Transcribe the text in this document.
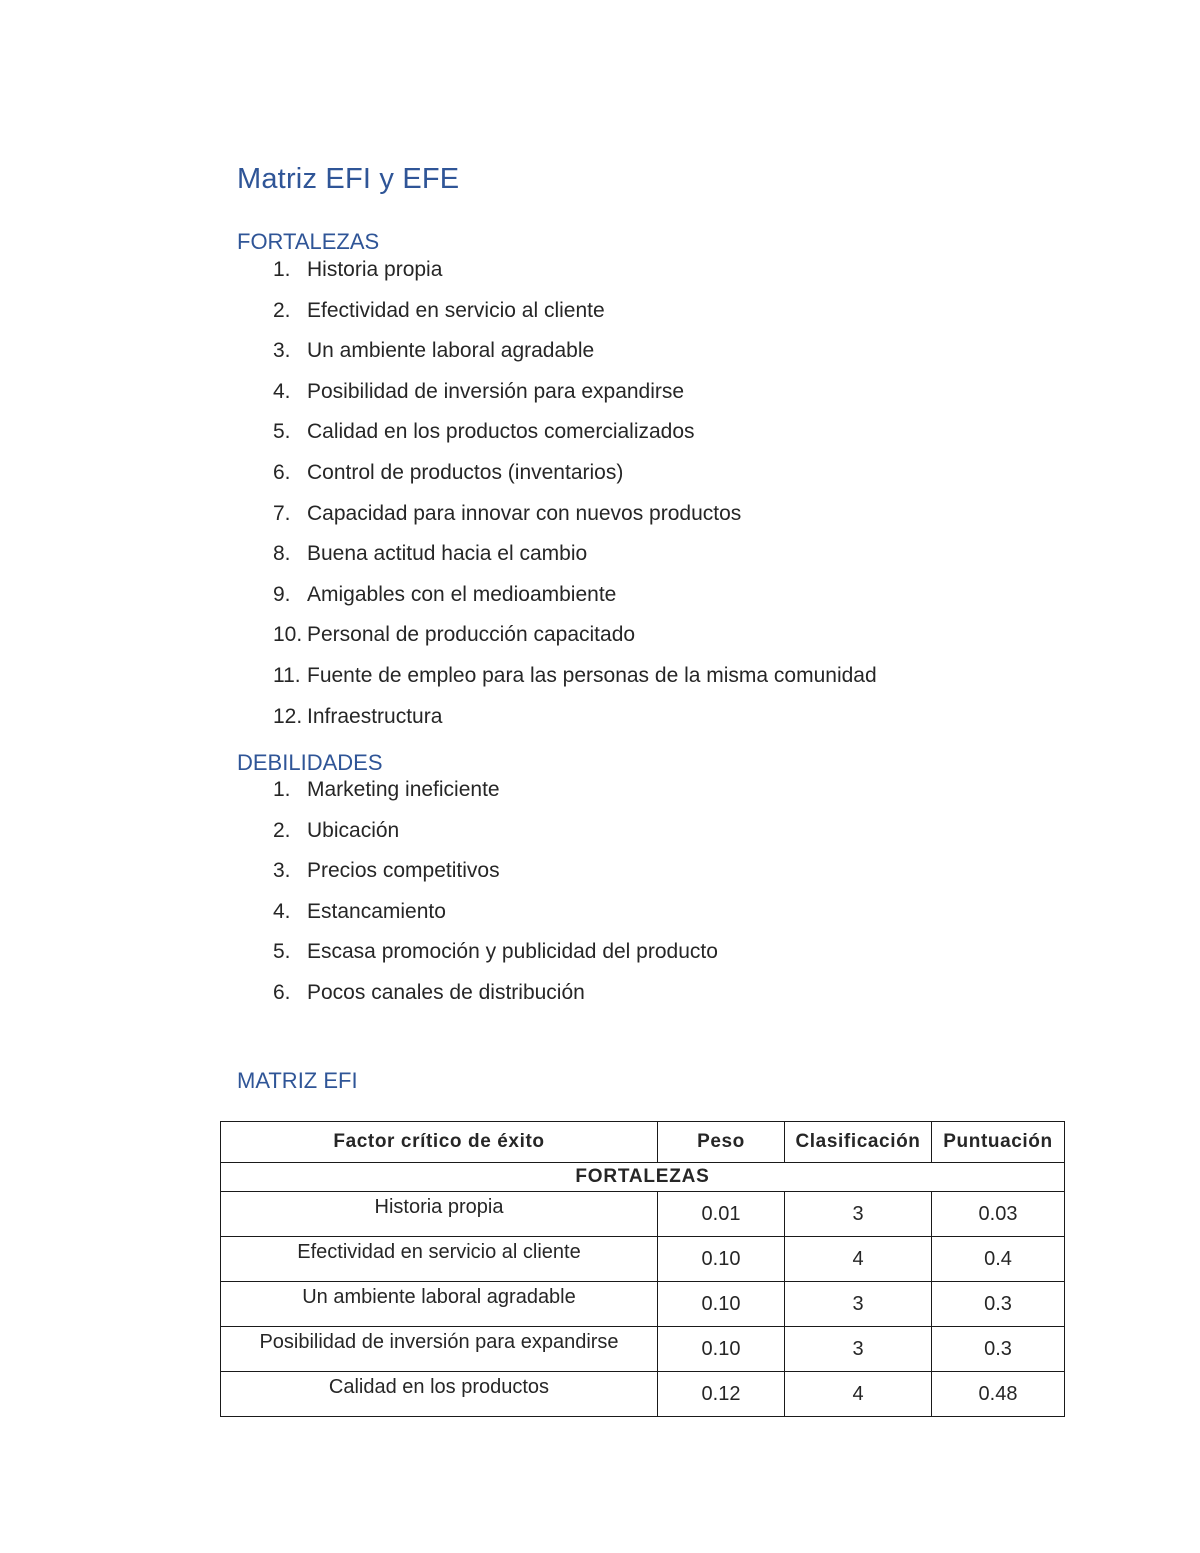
Matriz EFI y EFE
FORTALEZAS
1. Historia propia
2. Efectividad en servicio al cliente
3. Un ambiente laboral agradable
4. Posibilidad de inversión para expandirse
5. Calidad en los productos comercializados
6. Control de productos (inventarios)
7. Capacidad para innovar con nuevos productos
8. Buena actitud hacia el cambio
9. Amigables con el medioambiente
10. Personal de producción capacitado
11. Fuente de empleo para las personas de la misma comunidad
12. Infraestructura
DEBILIDADES
1. Marketing ineficiente
2. Ubicación
3. Precios competitivos
4. Estancamiento
5. Escasa promoción y publicidad del producto
6. Pocos canales de distribución
MATRIZ EFI
Factor crítico de éxito	Peso	Clasificación	Puntuación
FORTALEZAS			
Historia propia	0.01	3	0.03
Efectividad en servicio al cliente	0.10	4	0.4
Un ambiente laboral agradable	0.10	3	0.3
Posibilidad de inversión para expandirse	0.10	3	0.3
Calidad en los productos	0.12	4	0.48
